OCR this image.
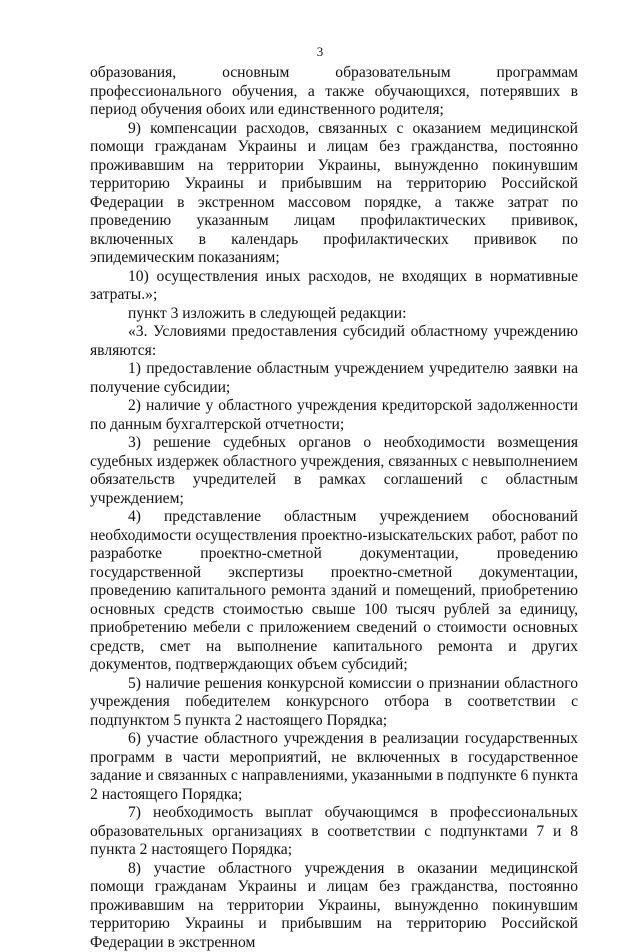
3

образования, основным образовательным программам профессионального обучения, а также обучающихся, потерявших в период обучения обоих или единственного родителя;

9) компенсации расходов, связанных с оказанием медицинской помощи гражданам Украины и лицам без гражданства, постоянно проживавшим на территории Украины, вынужденно покинувшим территорию Украины и прибывшим на территорию Российской Федерации в экстренном массовом порядке, а также затрат по проведению указанным лицам профилактических прививок, включенных в календарь профилактических прививок по эпидемическим показаниям;

10) осуществления иных расходов, не входящих в нормативные затраты.»;

пункт 3 изложить в следующей редакции:

«3. Условиями предоставления субсидий областному учреждению являются:

1) предоставление областным учреждением учредителю заявки на получение субсидии;

2) наличие у областного учреждения кредиторской задолженности по данным бухгалтерской отчетности;

3) решение судебных органов о необходимости возмещения судебных издержек областного учреждения, связанных с невыполнением обязательств учредителей в рамках соглашений с областным учреждением;

4) представление областным учреждением обоснований необходимости осуществления проектно-изыскательских работ, работ по разработке проектно-сметной документации, проведению государственной экспертизы проектно-сметной документации, проведению капитального ремонта зданий и помещений, приобретению основных средств стоимостью свыше 100 тысяч рублей за единицу, приобретению мебели с приложением сведений о стоимости основных средств, смет на выполнение капитального ремонта и других документов, подтверждающих объем субсидий;

5) наличие решения конкурсной комиссии о признании областного учреждения победителем конкурсного отбора в соответствии с подпунктом 5 пункта 2 настоящего Порядка;

6) участие областного учреждения в реализации государственных программ в части мероприятий, не включенных в государственное задание и связанных с направлениями, указанными в подпункте 6 пункта 2 настоящего Порядка;

7) необходимость выплат обучающимся в профессиональных образовательных организациях в соответствии с подпунктами 7 и 8 пункта 2 настоящего Порядка;

8) участие областного учреждения в оказании медицинской помощи гражданам Украины и лицам без гражданства, постоянно проживавшим на территории Украины, вынужденно покинувшим территорию Украины и прибывшим на территорию Российской Федерации в экстренном
